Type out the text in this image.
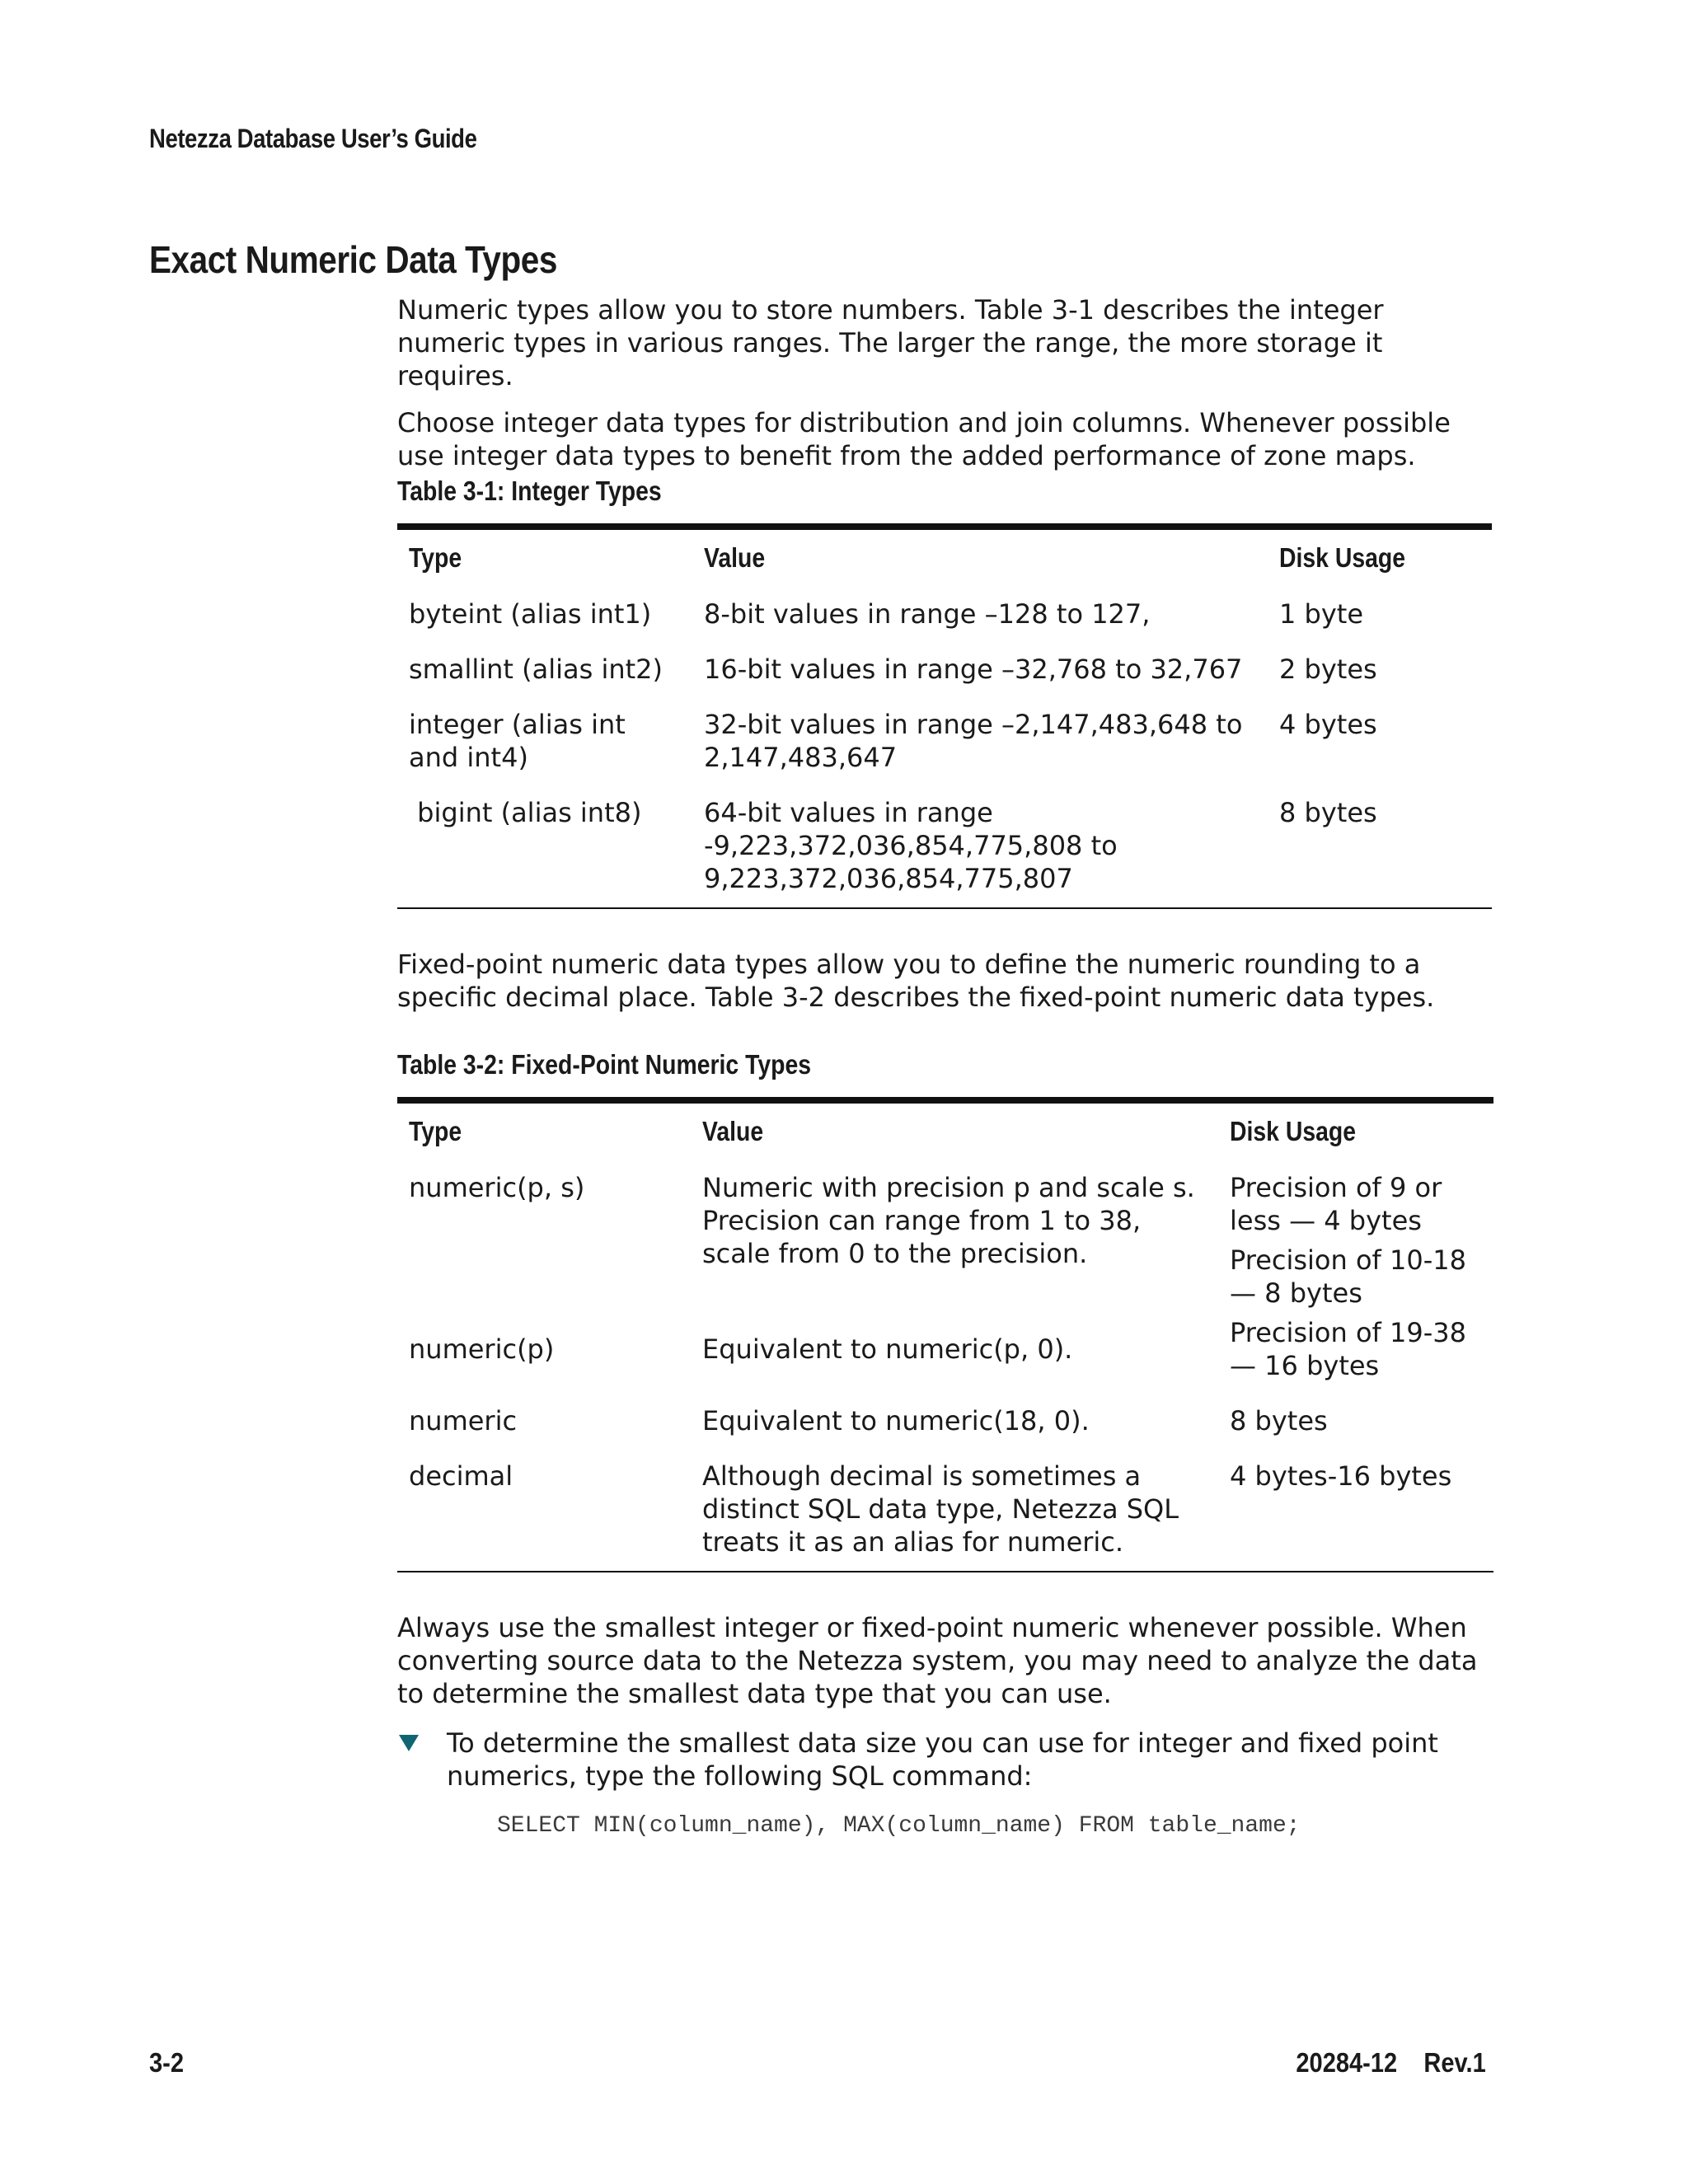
Netezza Database User’s Guide
Exact Numeric Data Types

Numeric types allow you to store numbers. Table 3-1 describes the integer numeric types in various ranges. The larger the range, the more storage it requires.

Choose integer data types for distribution and join columns. Whenever possible use integer data types to benefit from the added performance of zone maps.

Table 3-1: Integer Types
Type	Value	Disk Usage
byteint (alias int1)	8-bit values in range –128 to 127,	1 byte
smallint (alias int2)	16-bit values in range –32,768 to 32,767	2 bytes
integer (alias int and int4)	32-bit values in range –2,147,483,648 to 2,147,483,647	4 bytes
bigint (alias int8)	64-bit values in range -9,223,372,036,854,775,808 to 9,223,372,036,854,775,807	8 bytes

Fixed-point numeric data types allow you to define the numeric rounding to a specific decimal place. Table 3-2 describes the fixed-point numeric data types.

Table 3-2: Fixed-Point Numeric Types
Type	Value	Disk Usage
numeric(p, s)	Numeric with precision p and scale s. Precision can range from 1 to 38, scale from 0 to the precision.	Precision of 9 or less — 4 bytes
Precision of 10-18 — 8 bytes
Precision of 19-38 — 16 bytes

numeric(p)	Equivalent to numeric(p, 0).	
numeric	Equivalent to numeric(18, 0).	8 bytes
decimal	Although decimal is sometimes a distinct SQL data type, Netezza SQL treats it as an alias for numeric.	4 bytes-16 bytes

Always use the smallest integer or fixed-point numeric whenever possible. When converting source data to the Netezza system, you may need to analyze the data to determine the smallest data type that you can use.

To determine the smallest data size you can use for integer and fixed point numerics, type the following SQL command:
SELECT MIN(column_name), MAX(column_name) FROM table_name;
3-2	20284-12    Rev.1
